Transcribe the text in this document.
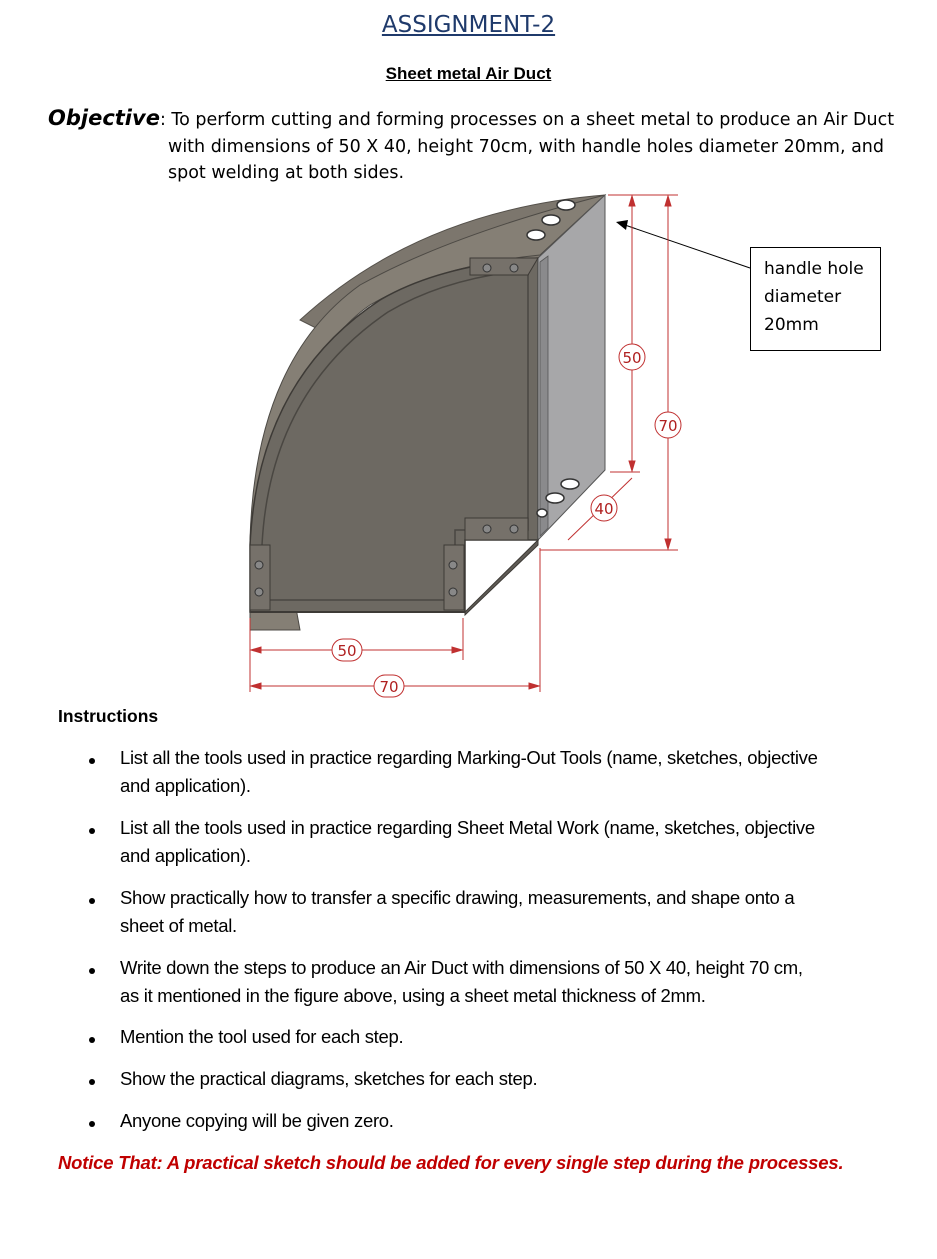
ASSIGNMENT-2
Sheet metal Air Duct
Objective: To perform cutting and forming processes on a sheet metal to produce an Air Duct
with dimensions of 50 X 40, height 70cm, with handle holes diameter 20mm, and
spot welding at both sides.
50
70
40
50
70
handle hole
diameter
20mm
Instructions
List all the tools used in practice regarding Marking-Out Tools (name, sketches, objective
and application).
List all the tools used in practice regarding Sheet Metal Work (name, sketches, objective
and application).
Show practically how to transfer a specific drawing, measurements, and shape onto a
sheet of metal.
Write down the steps to produce an Air Duct with dimensions of 50 X 40, height 70 cm,
as it mentioned in the figure above, using a sheet metal thickness of 2mm.
Mention the tool used for each step.
Show the practical diagrams, sketches for each step.
Anyone copying will be given zero.
Notice That: A practical sketch should be added for every single step during the processes.
